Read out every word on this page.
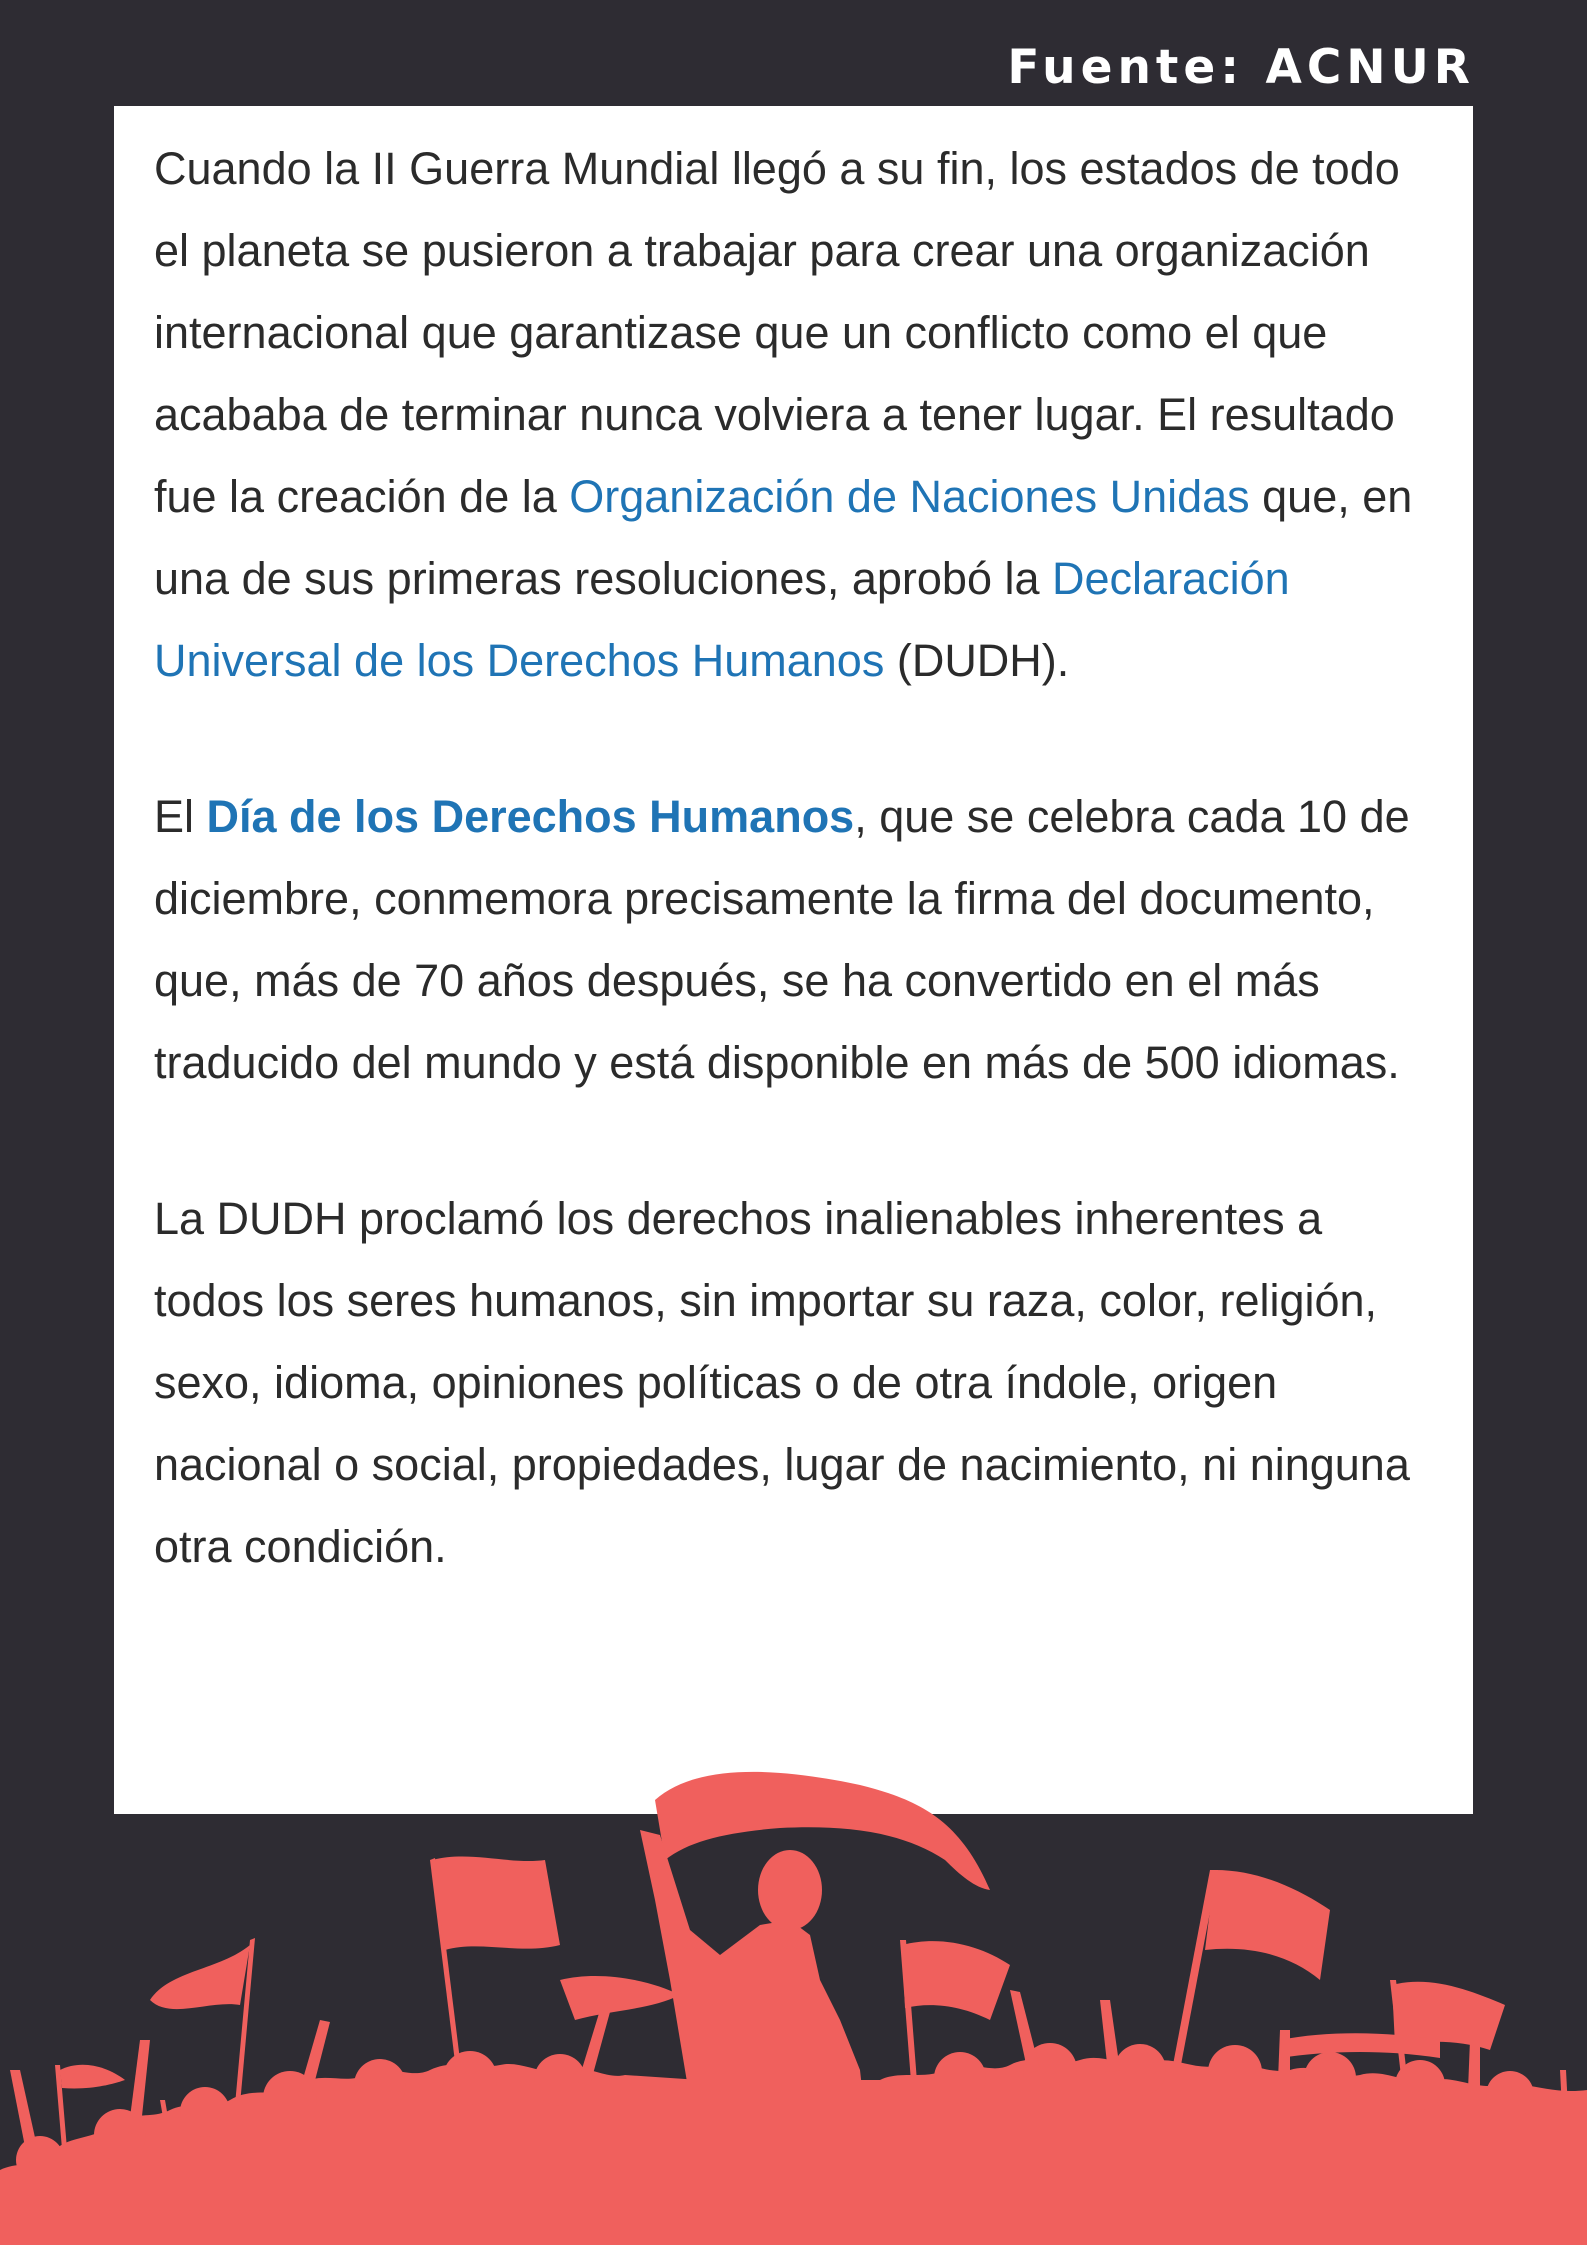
Fuente: ACNUR

Cuando la II Guerra Mundial llegó a su fin, los estados de todo el planeta se pusieron a trabajar para crear una organización internacional que garantizase que un conflicto como el que acababa de terminar nunca volviera a tener lugar. El resultado fue la creación de la Organización de Naciones Unidas que, en una de sus primeras resoluciones, aprobó la Declaración Universal de los Derechos Humanos (DUDH).

El Día de los Derechos Humanos, que se celebra cada 10 de diciembre, conmemora precisamente la firma del documento, que, más de 70 años después, se ha convertido en el más traducido del mundo y está disponible en más de 500 idiomas.

La DUDH proclamó los derechos inalienables inherentes a todos los seres humanos, sin importar su raza, color, religión, sexo, idioma, opiniones políticas o de otra índole, origen nacional o social, propiedades, lugar de nacimiento, ni ninguna otra condición.
